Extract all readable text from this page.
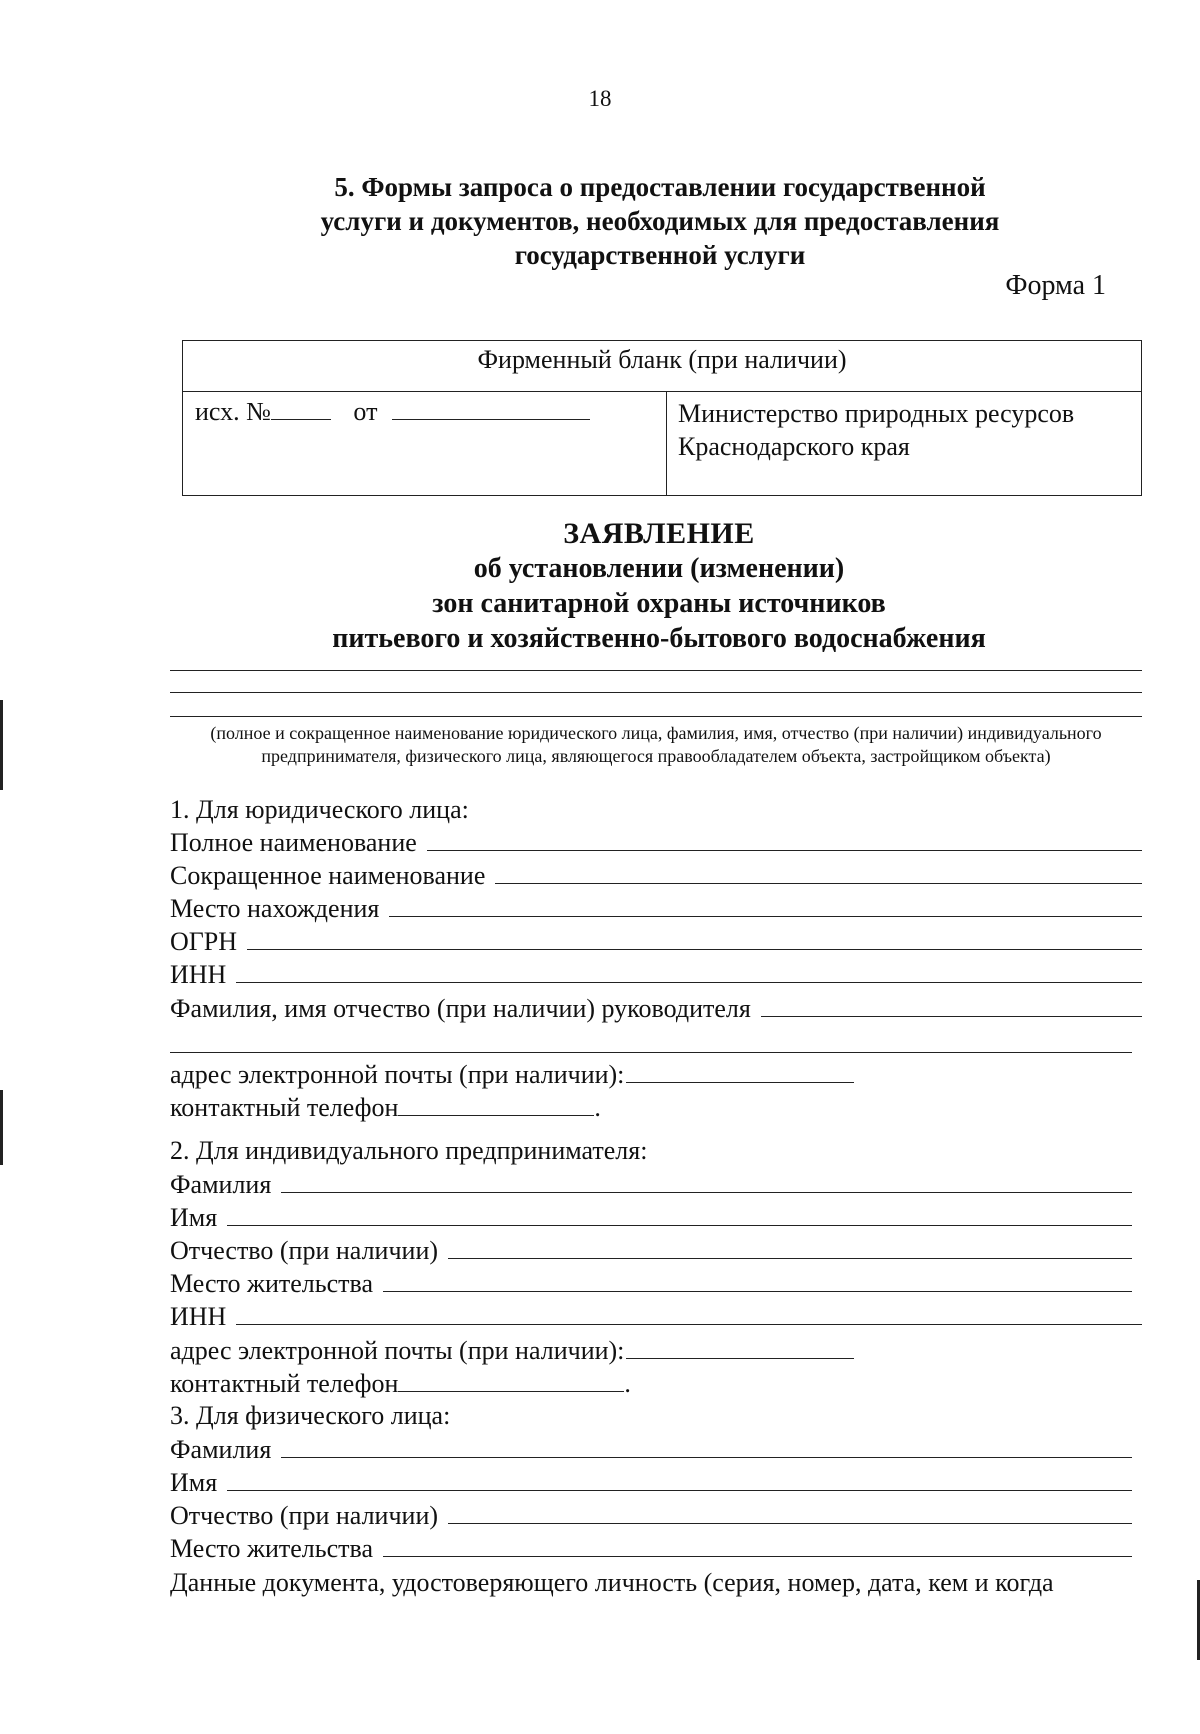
18
5. Формы запроса о предоставлении государственной услуги и документов, необходимых для предоставления государственной услуги
Форма 1
Фирменный бланк (при наличии)
исх. №	от	Министерство природных ресурсов
Краснодарского края
ЗАЯВЛЕНИЕ
об установлении (изменении)
зон санитарной охраны источников
питьевого и хозяйственно-бытового водоснабжения
(полное и сокращенное наименование юридического лица, фамилия, имя, отчество (при наличии) индивидуального предпринимателя, физического лица, являющегося правообладателем объекта, застройщиком объекта)
1. Для юридического лица:
Полное наименование
Сокращенное наименование
Место нахождения
ОГРН
ИНН
Фамилия, имя отчество (при наличии) руководителя
адрес электронной почты (при наличии):
контактный телефон	.
2. Для индивидуального предпринимателя:
Фамилия
Имя
Отчество (при наличии)
Место жительства
ИНН
адрес электронной почты (при наличии):
контактный телефон	.
3. Для физического лица:
Фамилия
Имя
Отчество (при наличии)
Место жительства
Данные документа, удостоверяющего личность (серия, номер, дата, кем и когда
